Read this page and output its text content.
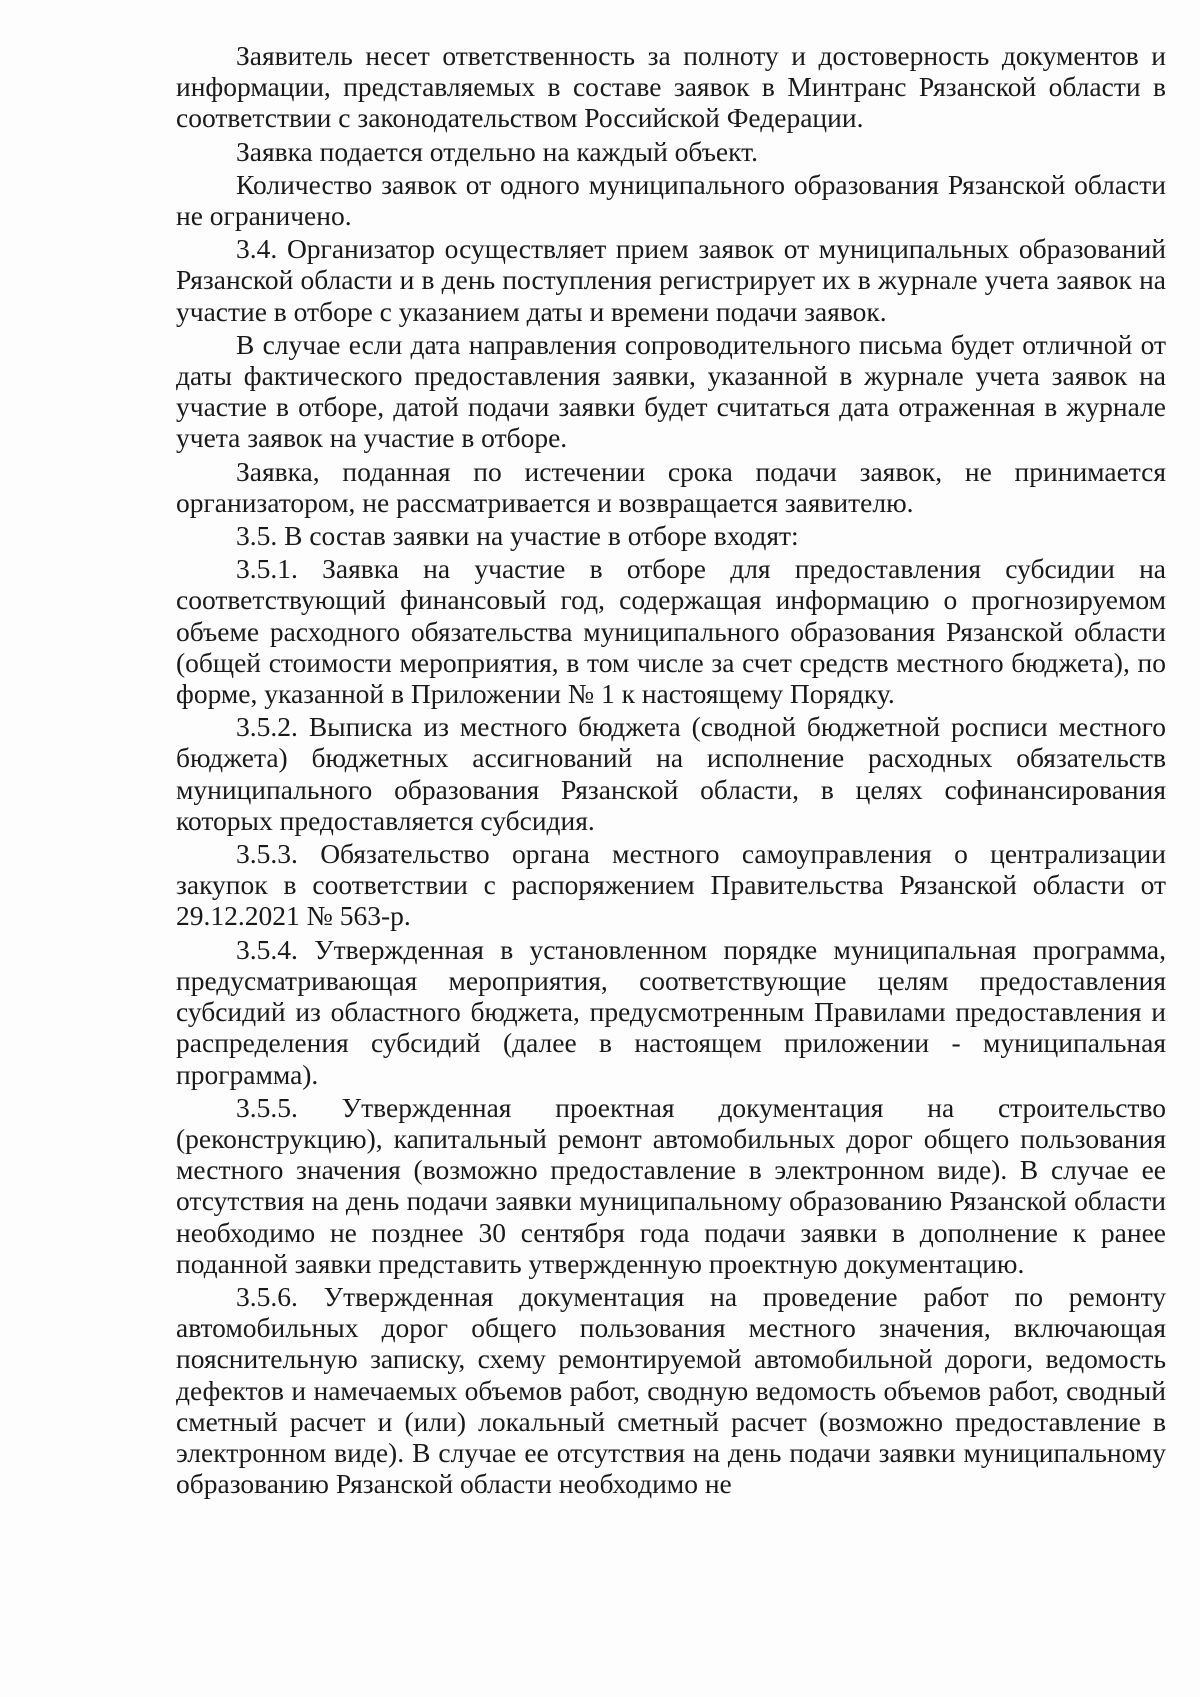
Заявитель несет ответственность за полноту и достоверность документов и информации, представляемых в составе заявок в Минтранс Рязанской области в соответствии с законодательством Российской Федерации.

Заявка подается отдельно на каждый объект.

Количество заявок от одного муниципального образования Рязанской области не ограничено.

3.4. Организатор осуществляет прием заявок от муниципальных образований Рязанской области и в день поступления регистрирует их в журнале учета заявок на участие в отборе с указанием даты и времени подачи заявок.

В случае если дата направления сопроводительного письма будет отличной от даты фактического предоставления заявки, указанной в журнале учета заявок на участие в отборе, датой подачи заявки будет считаться дата отраженная в журнале учета заявок на участие в отборе.

Заявка, поданная по истечении срока подачи заявок, не принимается организатором, не рассматривается и возвращается заявителю.

3.5. В состав заявки на участие в отборе входят:

3.5.1. Заявка на участие в отборе для предоставления субсидии на соответствующий финансовый год, содержащая информацию о прогнозируемом объеме расходного обязательства муниципального образования Рязанской области (общей стоимости мероприятия, в том числе за счет средств местного бюджета), по форме, указанной в Приложении № 1 к настоящему Порядку.

3.5.2. Выписка из местного бюджета (сводной бюджетной росписи местного бюджета) бюджетных ассигнований на исполнение расходных обязательств муниципального образования Рязанской области, в целях софинансирования которых предоставляется субсидия.

3.5.3. Обязательство органа местного самоуправления о централизации закупок в соответствии с распоряжением Правительства Рязанской области от 29.12.2021 № 563-р.

3.5.4. Утвержденная в установленном порядке муниципальная программа, предусматривающая мероприятия, соответствующие целям предоставления субсидий из областного бюджета, предусмотренным Правилами предоставления и распределения субсидий (далее в настоящем приложении - муниципальная программа).

3.5.5. Утвержденная проектная документация на строительство (реконструкцию), капитальный ремонт автомобильных дорог общего пользования местного значения (возможно предоставление в электронном виде). В случае ее отсутствия на день подачи заявки муниципальному образованию Рязанской области необходимо не позднее 30 сентября года подачи заявки в дополнение к ранее поданной заявки представить утвержденную проектную документацию.

3.5.6. Утвержденная документация на проведение работ по ремонту автомобильных дорог общего пользования местного значения, включающая пояснительную записку, схему ремонтируемой автомобильной дороги, ведомость дефектов и намечаемых объемов работ, сводную ведомость объемов работ, сводный сметный расчет и (или) локальный сметный расчет (возможно предоставление в электронном виде). В случае ее отсутствия на день подачи заявки муниципальному образованию Рязанской области необходимо не
